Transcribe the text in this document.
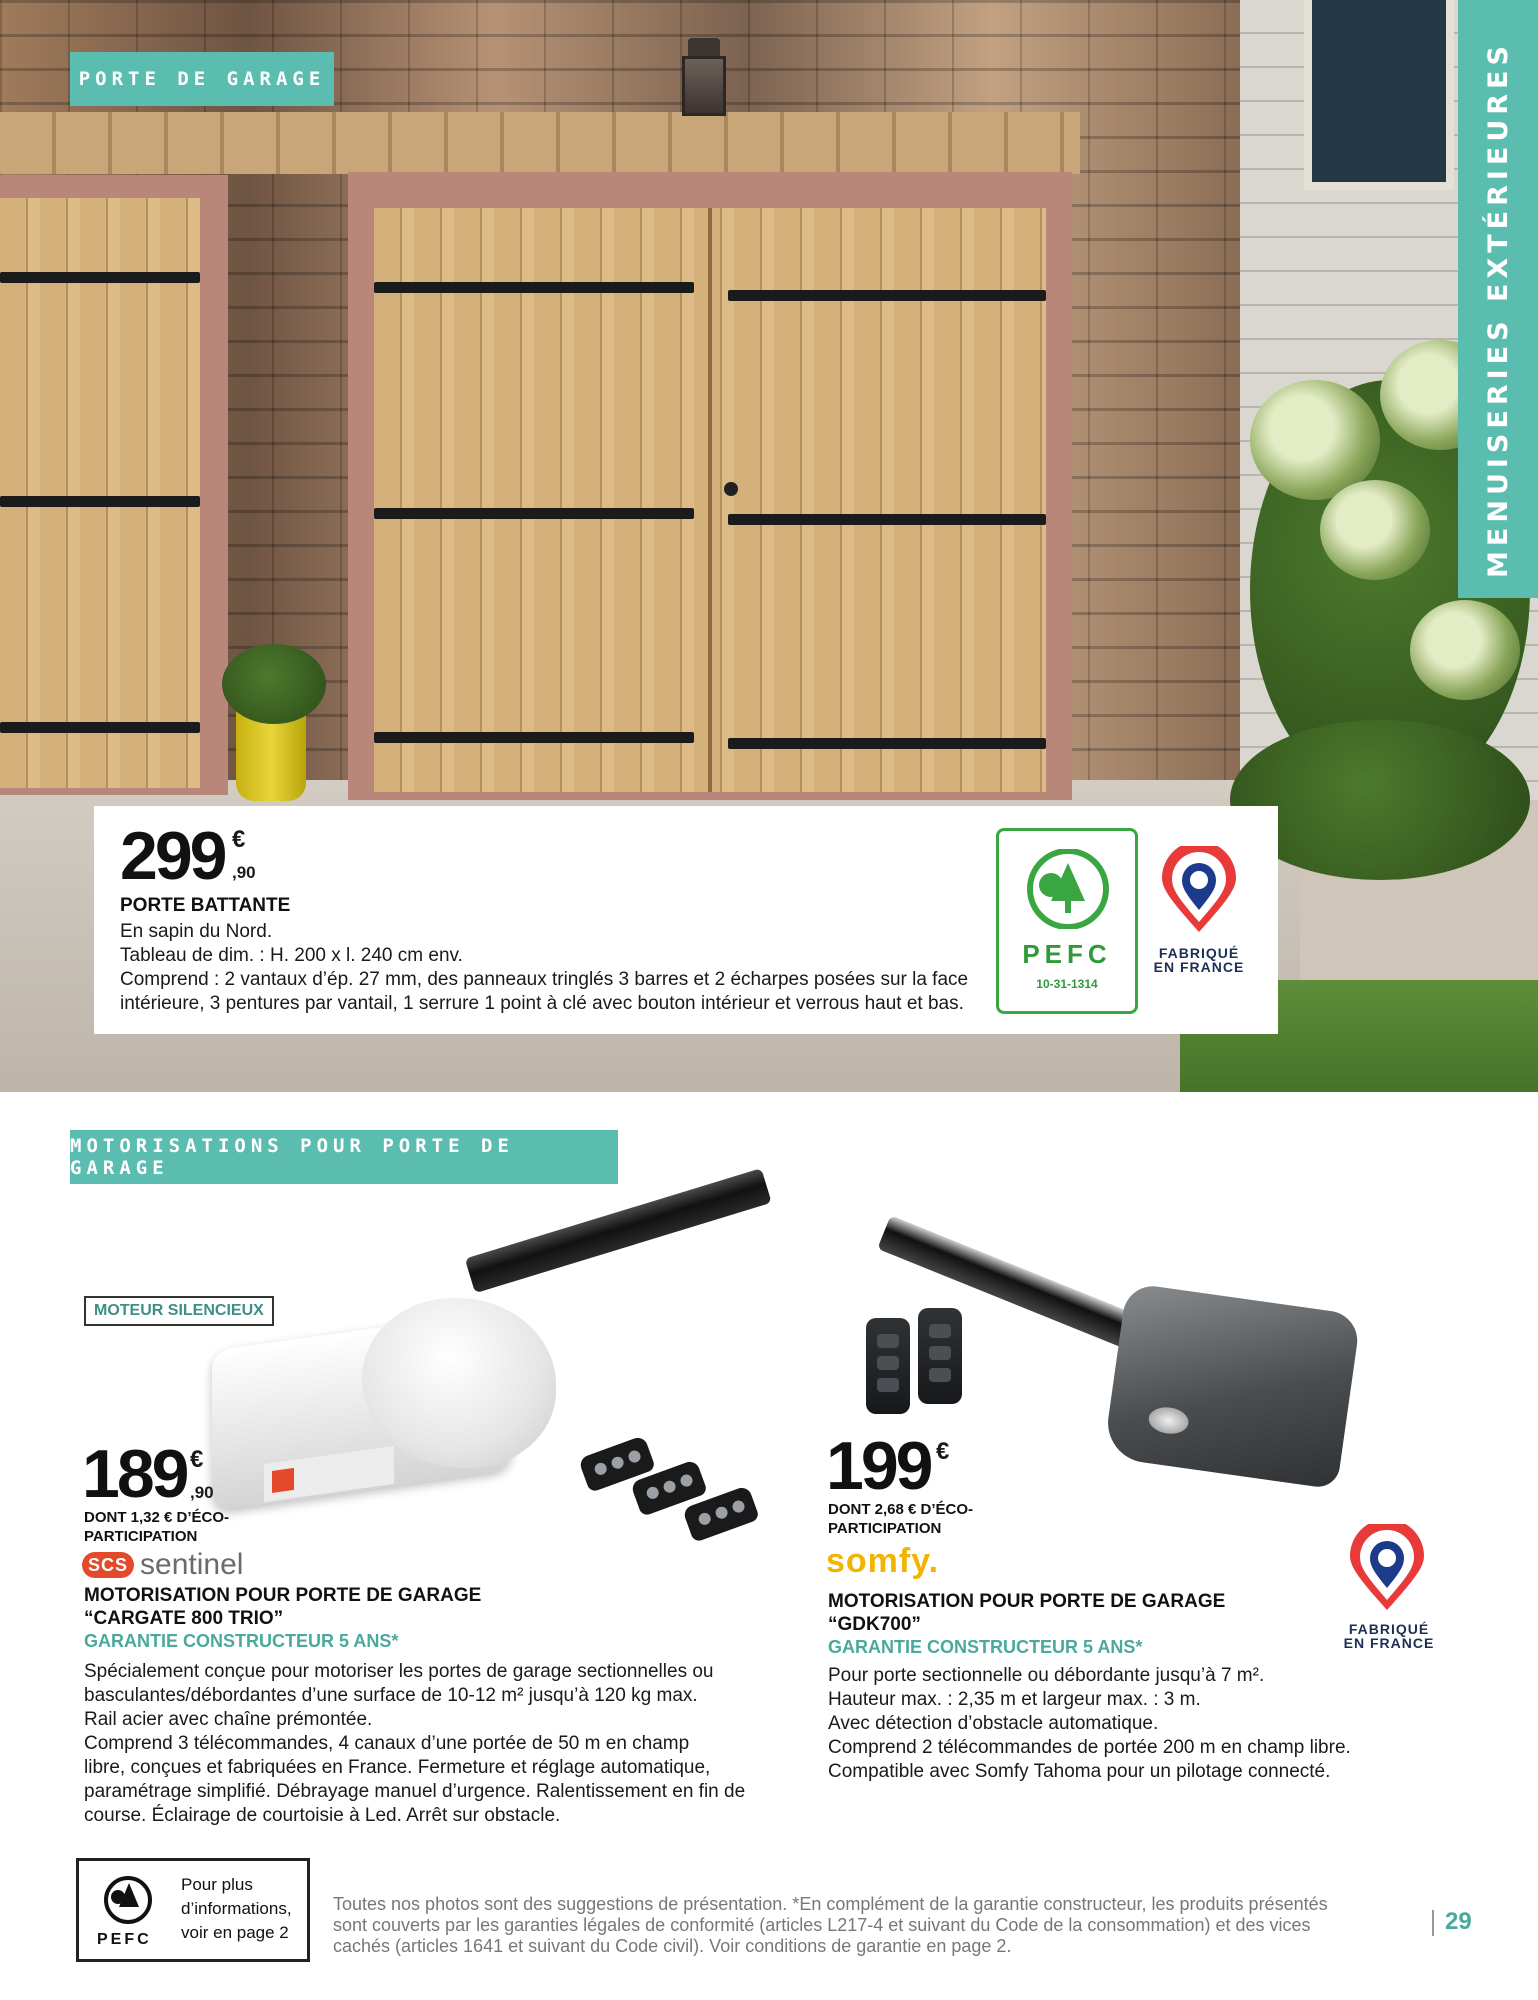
PORTE DE GARAGE	MENUISERIES EXTÉRIEURES
299 €
,90
PORTE BATTANTE
En sapin du Nord.
Tableau de dim. : H. 200 x l. 240 cm env.
Comprend : 2 vantaux d’ép. 27 mm, des panneaux tringlés 3 barres et 2 écharpes posées sur la face
intérieure, 3 pentures par vantail, 1 serrure 1 point à clé avec bouton intérieur et verrous haut et bas.
PEFC
10-31-1314
FABRIQUÉ
EN FRANCE
MOTORISATIONS POUR PORTE DE GARAGE
MOTEUR SILENCIEUX
189 €
,90
DONT 1,32 € D’ÉCO-
PARTICIPATION
SCS sentinel
MOTORISATION POUR PORTE DE GARAGE
“CARGATE 800 TRIO”
GARANTIE CONSTRUCTEUR 5 ANS*
Spécialement conçue pour motoriser les portes de garage sectionnelles ou
basculantes/débordantes d’une surface de 10-12 m² jusqu’à 120 kg max.
Rail acier avec chaîne prémontée.
Comprend 3 télécommandes, 4 canaux d’une portée de 50 m en champ
libre, conçues et fabriquées en France. Fermeture et réglage automatique,
paramétrage simplifié. Débrayage manuel d’urgence. Ralentissement en fin de
course. Éclairage de courtoisie à Led. Arrêt sur obstacle.
199 €
DONT 2,68 € D’ÉCO-
PARTICIPATION
somfy.
MOTORISATION POUR PORTE DE GARAGE
“GDK700”
GARANTIE CONSTRUCTEUR 5 ANS*
Pour porte sectionnelle ou débordante jusqu’à 7 m².
Hauteur max. : 2,35 m et largeur max. : 3 m.
Avec détection d’obstacle automatique.
Comprend 2 télécommandes de portée 200 m en champ libre.
Compatible avec Somfy Tahoma pour un pilotage connecté.
FABRIQUÉ
EN FRANCE
PEFC
Pour plus
d’informations,
voir en page 2
Toutes nos photos sont des suggestions de présentation. *En complément de la garantie constructeur, les produits présentés
sont couverts par les garanties légales de conformité (articles L217-4 et suivant du Code de la consommation) et des vices
cachés (articles 1641 et suivant du Code civil). Voir conditions de garantie en page 2.
29
